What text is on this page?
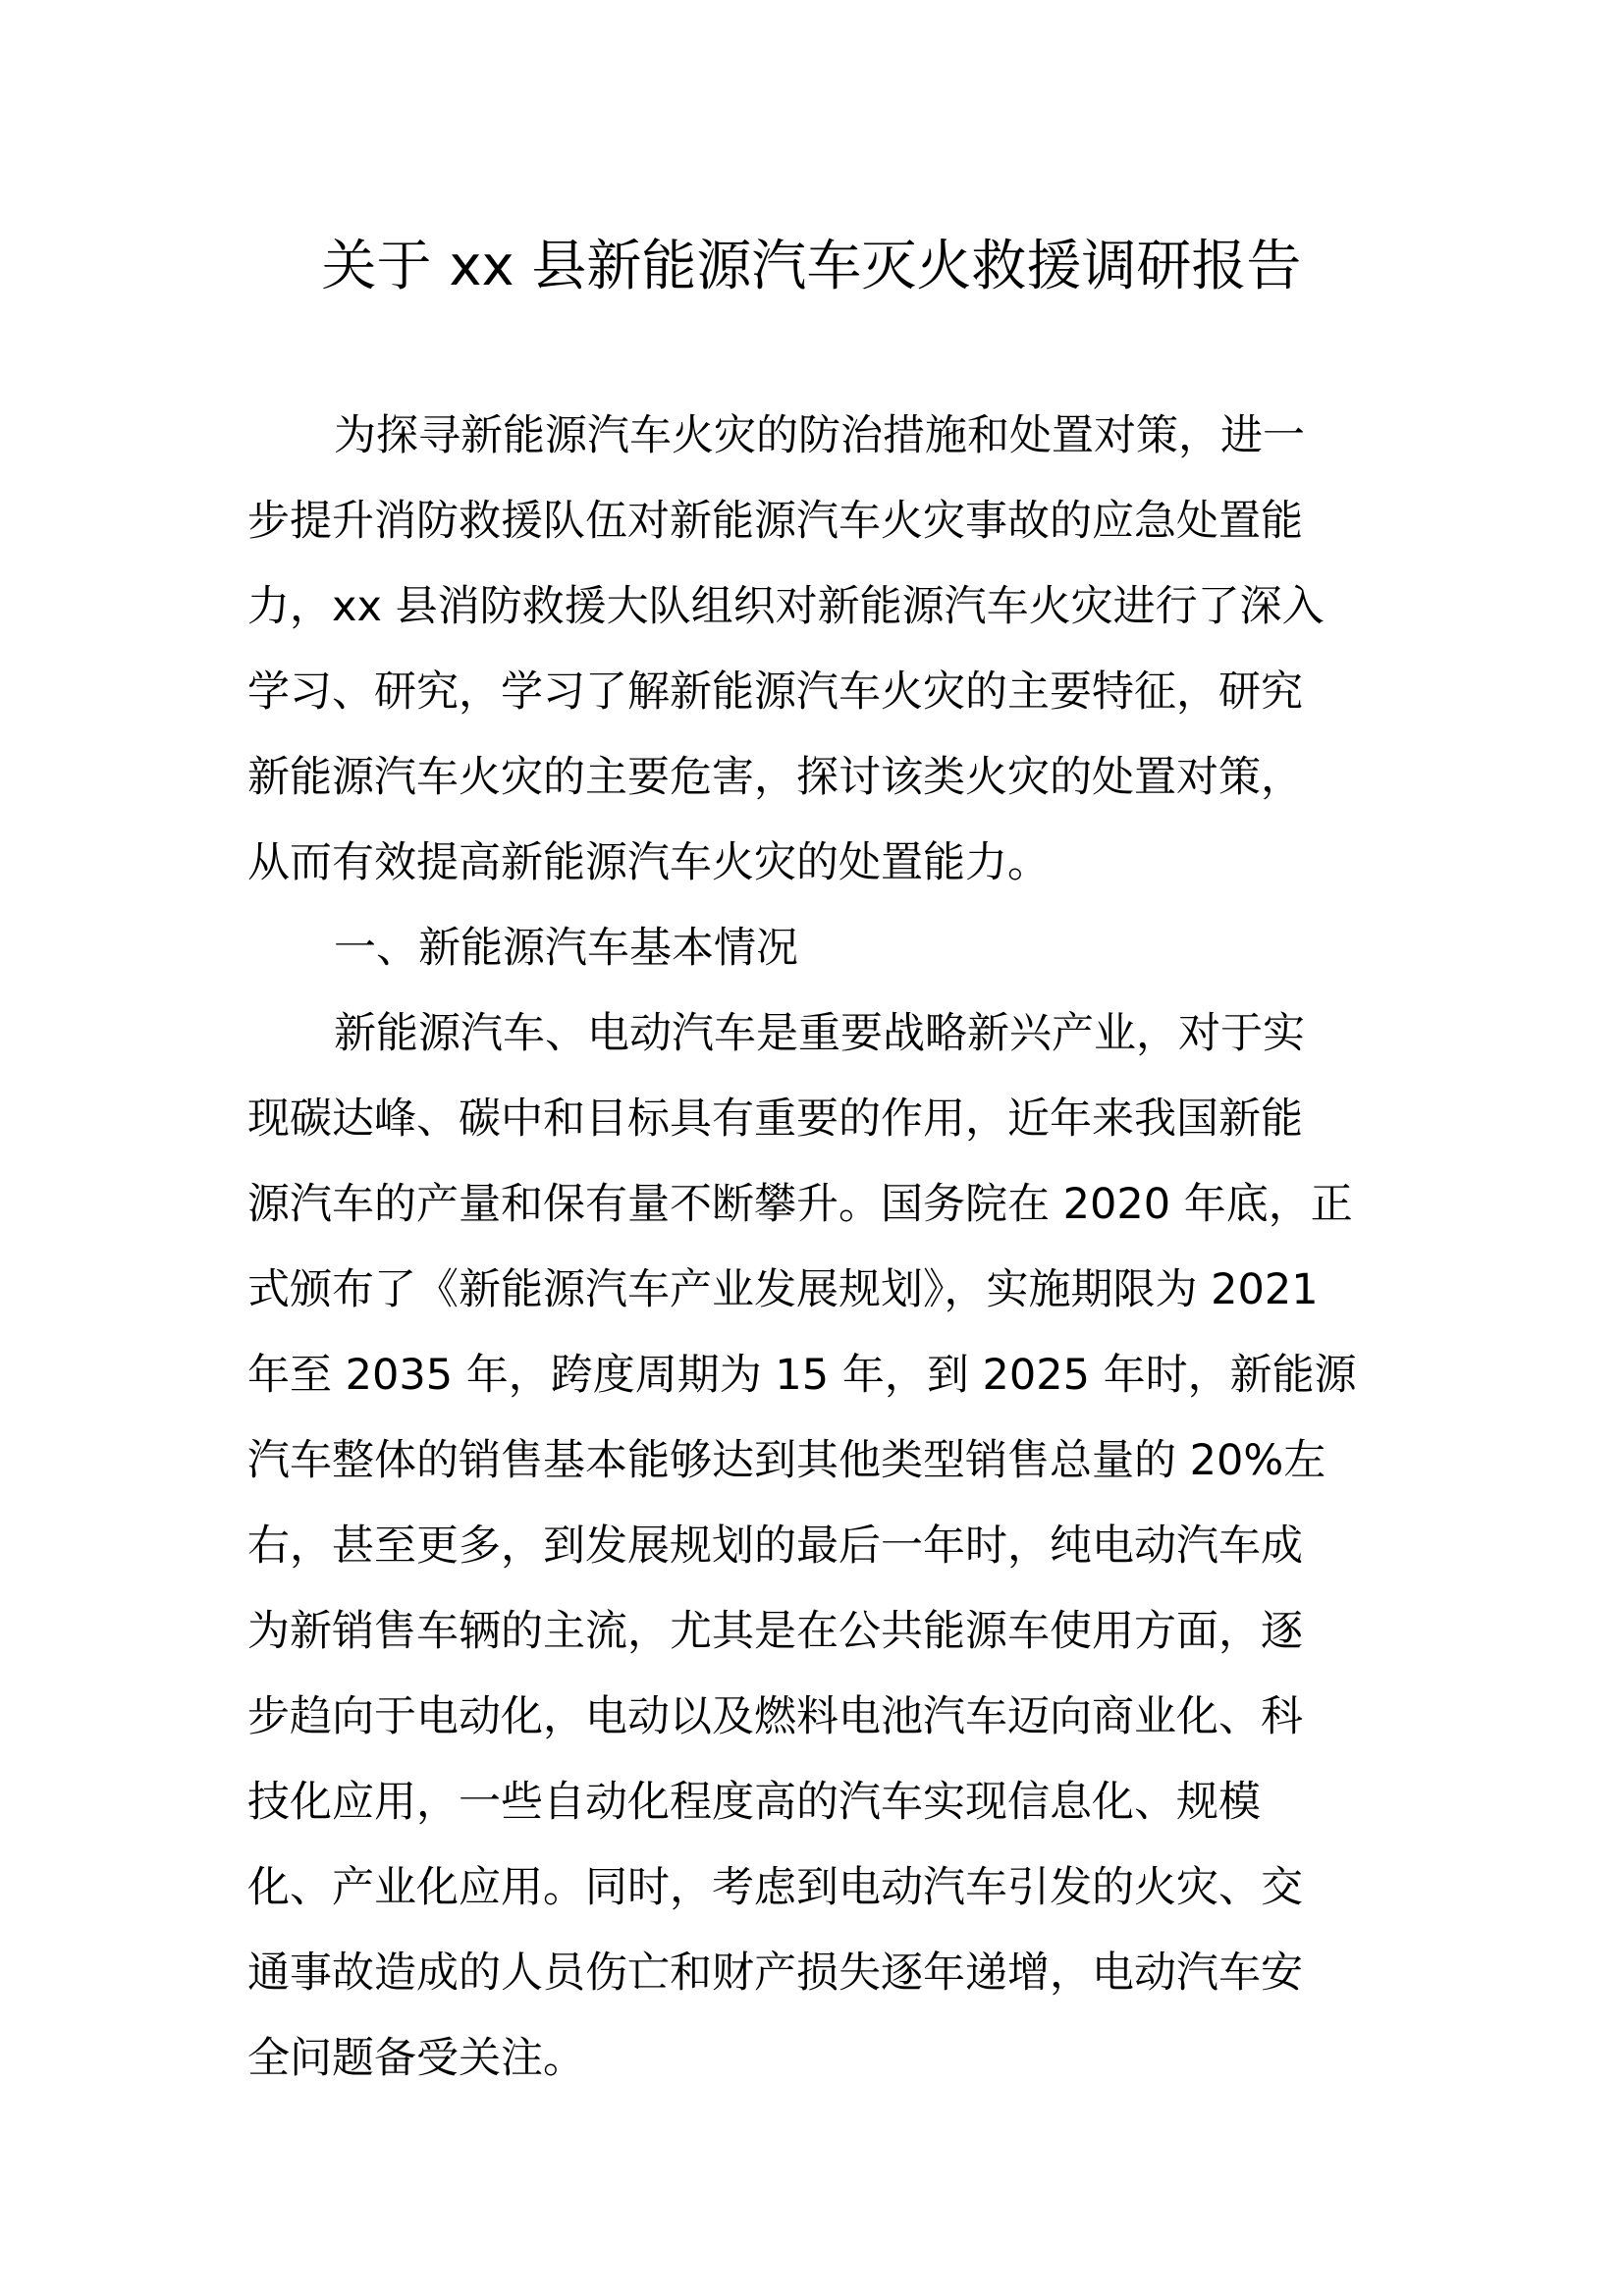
关于 xx 县新能源汽车灭火救援调研报告
为探寻新能源汽车火灾的防治措施和处置对策，进一
步提升消防救援队伍对新能源汽车火灾事故的应急处置能
力，xx 县消防救援大队组织对新能源汽车火灾进行了深入
学习、研究，学习了解新能源汽车火灾的主要特征，研究
新能源汽车火灾的主要危害，探讨该类火灾的处置对策，
从而有效提高新能源汽车火灾的处置能力。
一、新能源汽车基本情况
新能源汽车、电动汽车是重要战略新兴产业，对于实
现碳达峰、碳中和目标具有重要的作用，近年来我国新能
源汽车的产量和保有量不断攀升。国务院在 2020 年底，正
式颁布了《新能源汽车产业发展规划》，实施期限为 2021
年至 2035 年，跨度周期为 15 年，到 2025 年时，新能源
汽车整体的销售基本能够达到其他类型销售总量的 20%左
右，甚至更多，到发展规划的最后一年时，纯电动汽车成
为新销售车辆的主流，尤其是在公共能源车使用方面，逐
步趋向于电动化，电动以及燃料电池汽车迈向商业化、科
技化应用，一些自动化程度高的汽车实现信息化、规模
化、产业化应用。同时，考虑到电动汽车引发的火灾、交
通事故造成的人员伤亡和财产损失逐年递增，电动汽车安
全问题备受关注。
